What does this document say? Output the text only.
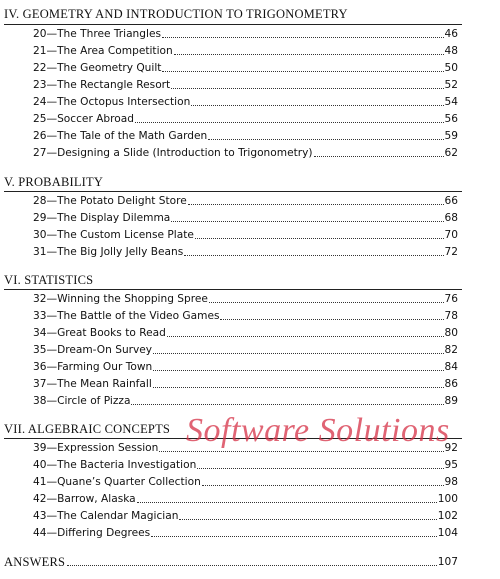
IV. GEOMETRY AND INTRODUCTION TO TRIGONOMETRY
20—The Three Triangles	46
21—The Area Competition	48
22—The Geometry Quilt	50
23—The Rectangle Resort	52
24—The Octopus Intersection	54
25—Soccer Abroad	56
26—The Tale of the Math Garden	59
27—Designing a Slide (Introduction to Trigonometry)	62
V. PROBABILITY
28—The Potato Delight Store	66
29—The Display Dilemma	68
30—The Custom License Plate	70
31—The Big Jolly Jelly Beans	72
VI. STATISTICS
32—Winning the Shopping Spree	76
33—The Battle of the Video Games	78
34—Great Books to Read	80
35—Dream-On Survey	82
36—Farming Our Town	84
37—The Mean Rainfall	86
38—Circle of Pizza	89
VII. ALGEBRAIC CONCEPTS
39—Expression Session	92
40—The Bacteria Investigation	95
41—Quane’s Quarter Collection	98
42—Barrow, Alaska	100
43—The Calendar Magician	102
44—Differing Degrees	104
ANSWERS	107
Software Solutions
